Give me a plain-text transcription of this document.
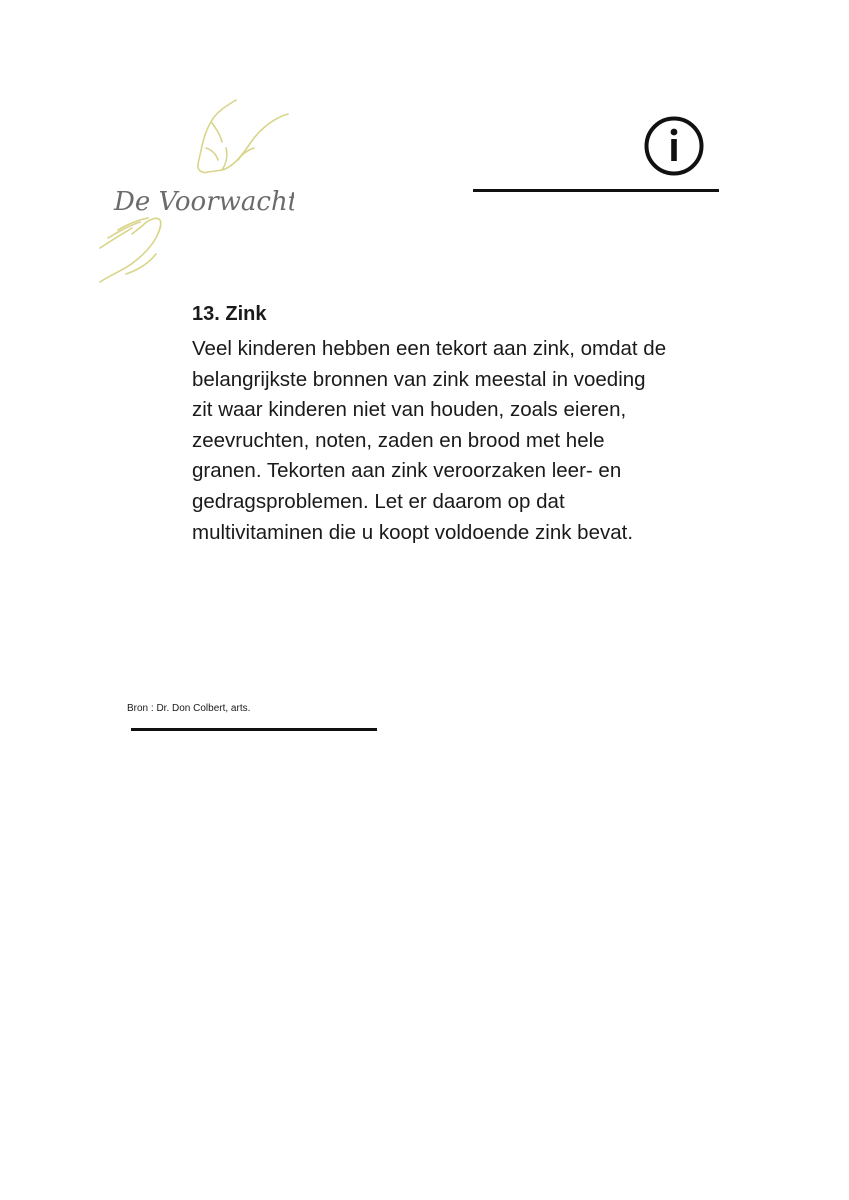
De Voorwacht
13. Zink

Veel kinderen hebben een tekort aan zink, omdat de
belangrijkste bronnen van zink meestal in voeding
zit waar kinderen niet van houden, zoals eieren,
zeevruchten, noten, zaden en brood met hele
granen. Tekorten aan zink veroorzaken leer- en
gedragsproblemen. Let er daarom op dat
multivitaminen die u koopt voldoende zink bevat.

Bron : Dr. Don Colbert, arts.
